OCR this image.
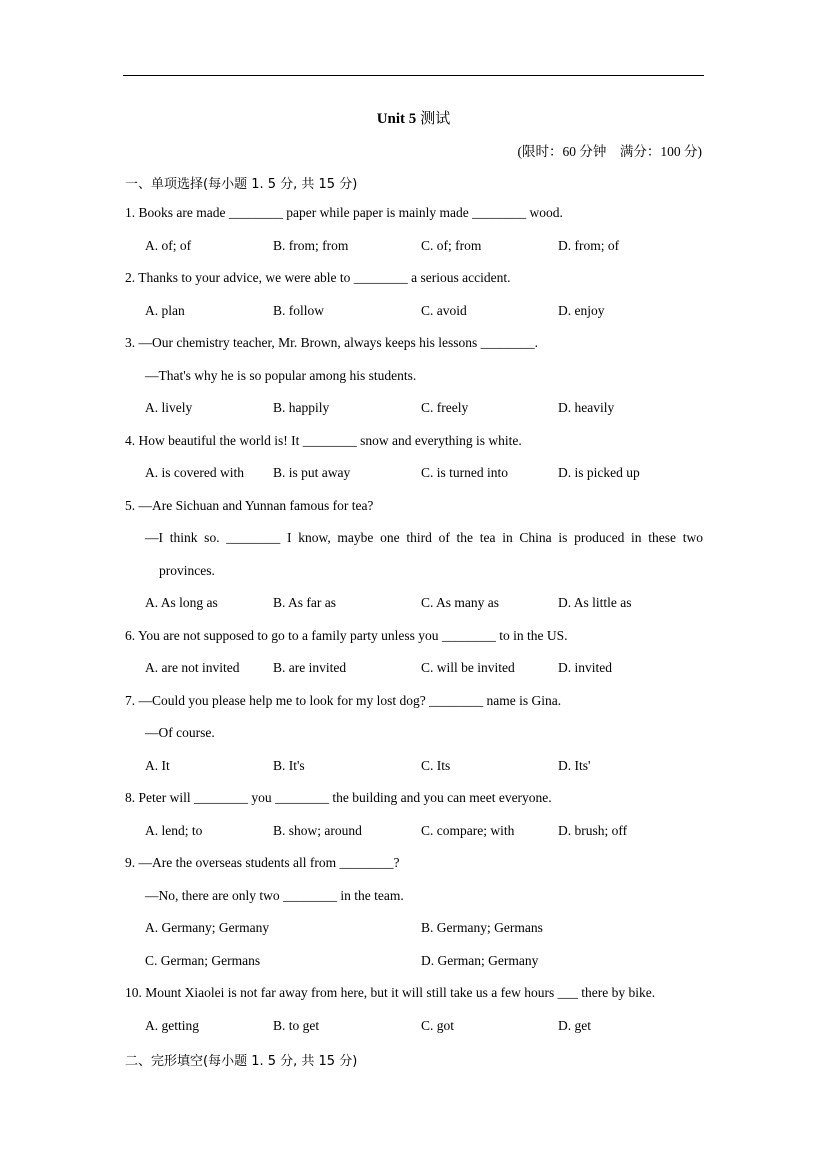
Unit 5 测试
(限时：60 分钟　满分：100 分)
一、单项选择(每小题 1. 5 分, 共 15 分)
1. Books are made ________ paper while paper is mainly made ________ wood.
A. of; of	B. from; from	C. of; from	D. from; of
2. Thanks to your advice, we were able to ________ a serious accident.
A. plan	B. follow	C. avoid	D. enjoy
3. —Our chemistry teacher, Mr. Brown, always keeps his lessons ________.
—That's why he is so popular among his students.
A. lively	B. happily	C. freely	D. heavily
4. How beautiful the world is! It ________ snow and everything is white.
A. is covered with B. is put away	C. is turned into	D. is picked up
5. —Are Sichuan and Yunnan famous for tea?
—I think so. ________ I know, maybe one third of the tea in China is produced in these two
provinces.
A. As long as	B. As far as	C. As many as	D. As little as
6. You are not supposed to go to a family party unless you ________ to in the US.
A. are not invited B. are invited	C. will be invited	D. invited
7. —Could you please help me to look for my lost dog? ________ name is Gina.
—Of course.
A. It	B. It's	C. Its	D. Its'
8. Peter will ________ you ________ the building and you can meet everyone.
A. lend; to	B. show; around	C. compare; with	D. brush; off
9. —Are the overseas students all from ________?
—No, there are only two ________ in the team.
A. Germany; Germany	B. Germany; Germans
C. German; Germans	D. German; Germany
10. Mount Xiaolei is not far away from here, but it will still take us a few hours ___ there by bike.
A. getting	B. to get	C. got	D. get
二、完形填空(每小题 1. 5 分, 共 15 分)
